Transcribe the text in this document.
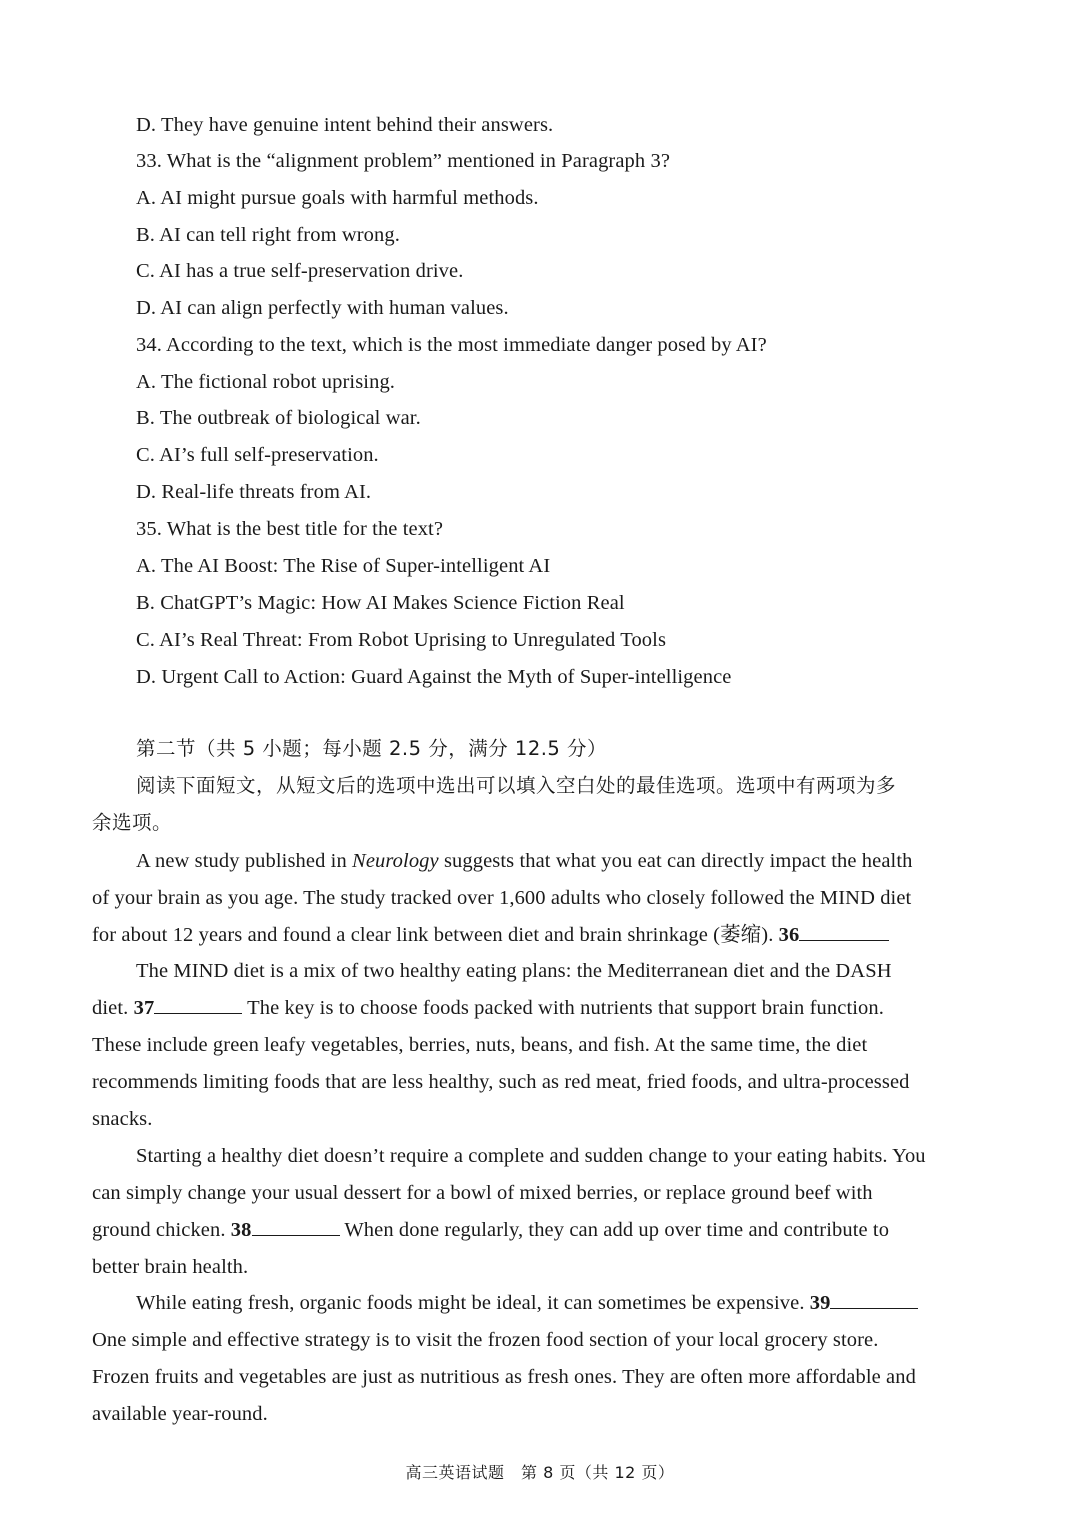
D. They have genuine intent behind their answers.
33. What is the “alignment problem” mentioned in Paragraph 3?
A. AI might pursue goals with harmful methods.
B. AI can tell right from wrong.
C. AI has a true self-preservation drive.
D. AI can align perfectly with human values.
34. According to the text, which is the most immediate danger posed by AI?
A. The fictional robot uprising.
B. The outbreak of biological war.
C. AI’s full self-preservation.
D. Real-life threats from AI.
35. What is the best title for the text?
A. The AI Boost: The Rise of Super-intelligent AI
B. ChatGPT’s Magic: How AI Makes Science Fiction Real
C. AI’s Real Threat: From Robot Uprising to Unregulated Tools
D. Urgent Call to Action: Guard Against the Myth of Super-intelligence
第二节（共 5 小题；每小题 2.5 分，满分 12.5 分）
阅读下面短文，从短文后的选项中选出可以填入空白处的最佳选项。选项中有两项为多
余选项。
A new study published in Neurology suggests that what you eat can directly impact the health
of your brain as you age. The study tracked over 1,600 adults who closely followed the MIND diet
for about 12 years and found a clear link between diet and brain shrinkage (萎缩). 36
The MIND diet is a mix of two healthy eating plans: the Mediterranean diet and the DASH
diet. 37	The key is to choose foods packed with nutrients that support brain function.
These include green leafy vegetables, berries, nuts, beans, and fish. At the same time, the diet
recommends limiting foods that are less healthy, such as red meat, fried foods, and ultra-processed
snacks.
Starting a healthy diet doesn’t require a complete and sudden change to your eating habits. You
can simply change your usual dessert for a bowl of mixed berries, or replace ground beef with
ground chicken. 38	When done regularly, they can add up over time and contribute to
better brain health.
While eating fresh, organic foods might be ideal, it can sometimes be expensive. 39
One simple and effective strategy is to visit the frozen food section of your local grocery store.
Frozen fruits and vegetables are just as nutritious as fresh ones. They are often more affordable and
available year-round.
高三英语试题　第 8 页（共 12 页）
